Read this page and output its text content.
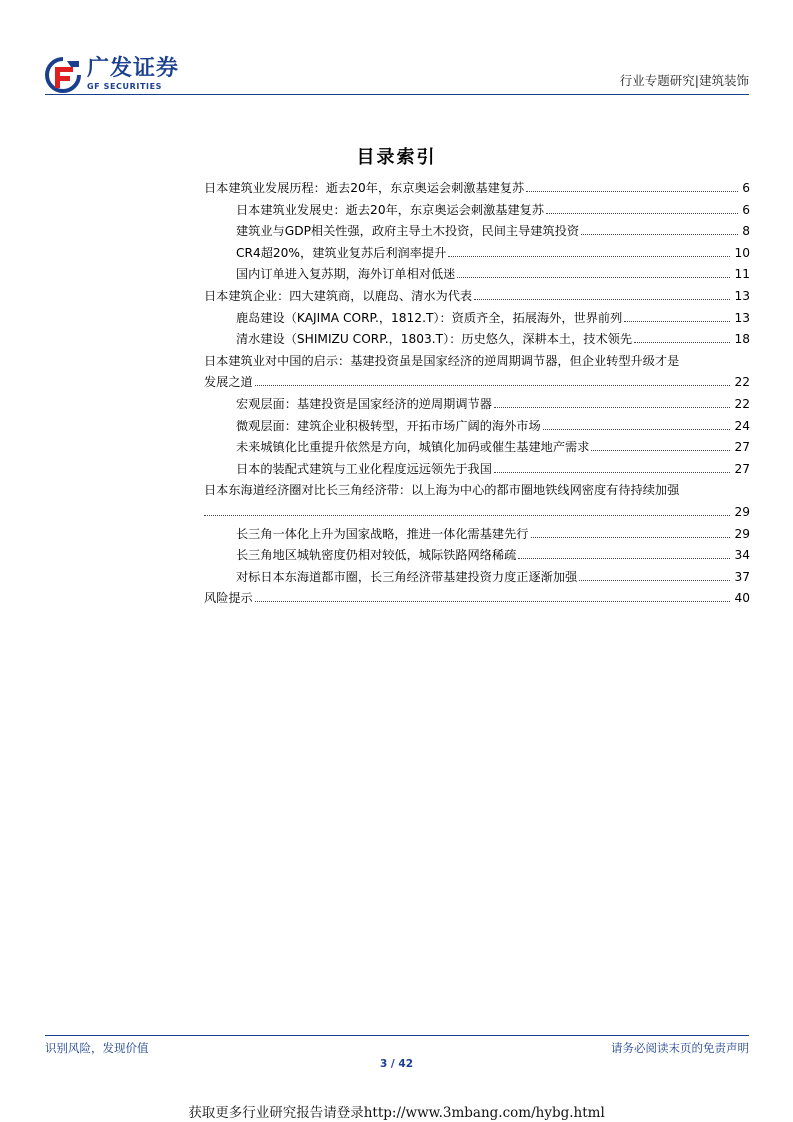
广发证券
GF SECURITIES	行业专题研究|建筑装饰
目录索引
日本建筑业发展历程：逝去20年，东京奥运会刺激基建复苏	6
日本建筑业发展史：逝去20年，东京奥运会刺激基建复苏	6
建筑业与GDP相关性强，政府主导土木投资，民间主导建筑投资	8
CR4超20%，建筑业复苏后利润率提升	10
国内订单进入复苏期，海外订单相对低迷	11
日本建筑企业：四大建筑商，以鹿岛、清水为代表	13
鹿岛建设（KAJIMA CORP.，1812.T）：资质齐全，拓展海外，世界前列	13
清水建设（SHIMIZU CORP.，1803.T）：历史悠久，深耕本土，技术领先	18
日本建筑业对中国的启示：基建投资虽是国家经济的逆周期调节器，但企业转型升级才是
发展之道	22
宏观层面：基建投资是国家经济的逆周期调节器	22
微观层面：建筑企业积极转型，开拓市场广阔的海外市场	24
未来城镇化比重提升依然是方向，城镇化加码或催生基建地产需求	27
日本的装配式建筑与工业化程度远远领先于我国	27
日本东海道经济圈对比长三角经济带：以上海为中心的都市圈地铁线网密度有待持续加强
29
长三角一体化上升为国家战略，推进一体化需基建先行	29
长三角地区城轨密度仍相对较低，城际铁路网络稀疏	34
对标日本东海道都市圈，长三角经济带基建投资力度正逐渐加强	37
风险提示	40
识别风险，发现价值	请务必阅读末页的免责声明
3 / 42
获取更多行业研究报告请登录http://www.3mbang.com/hybg.html
